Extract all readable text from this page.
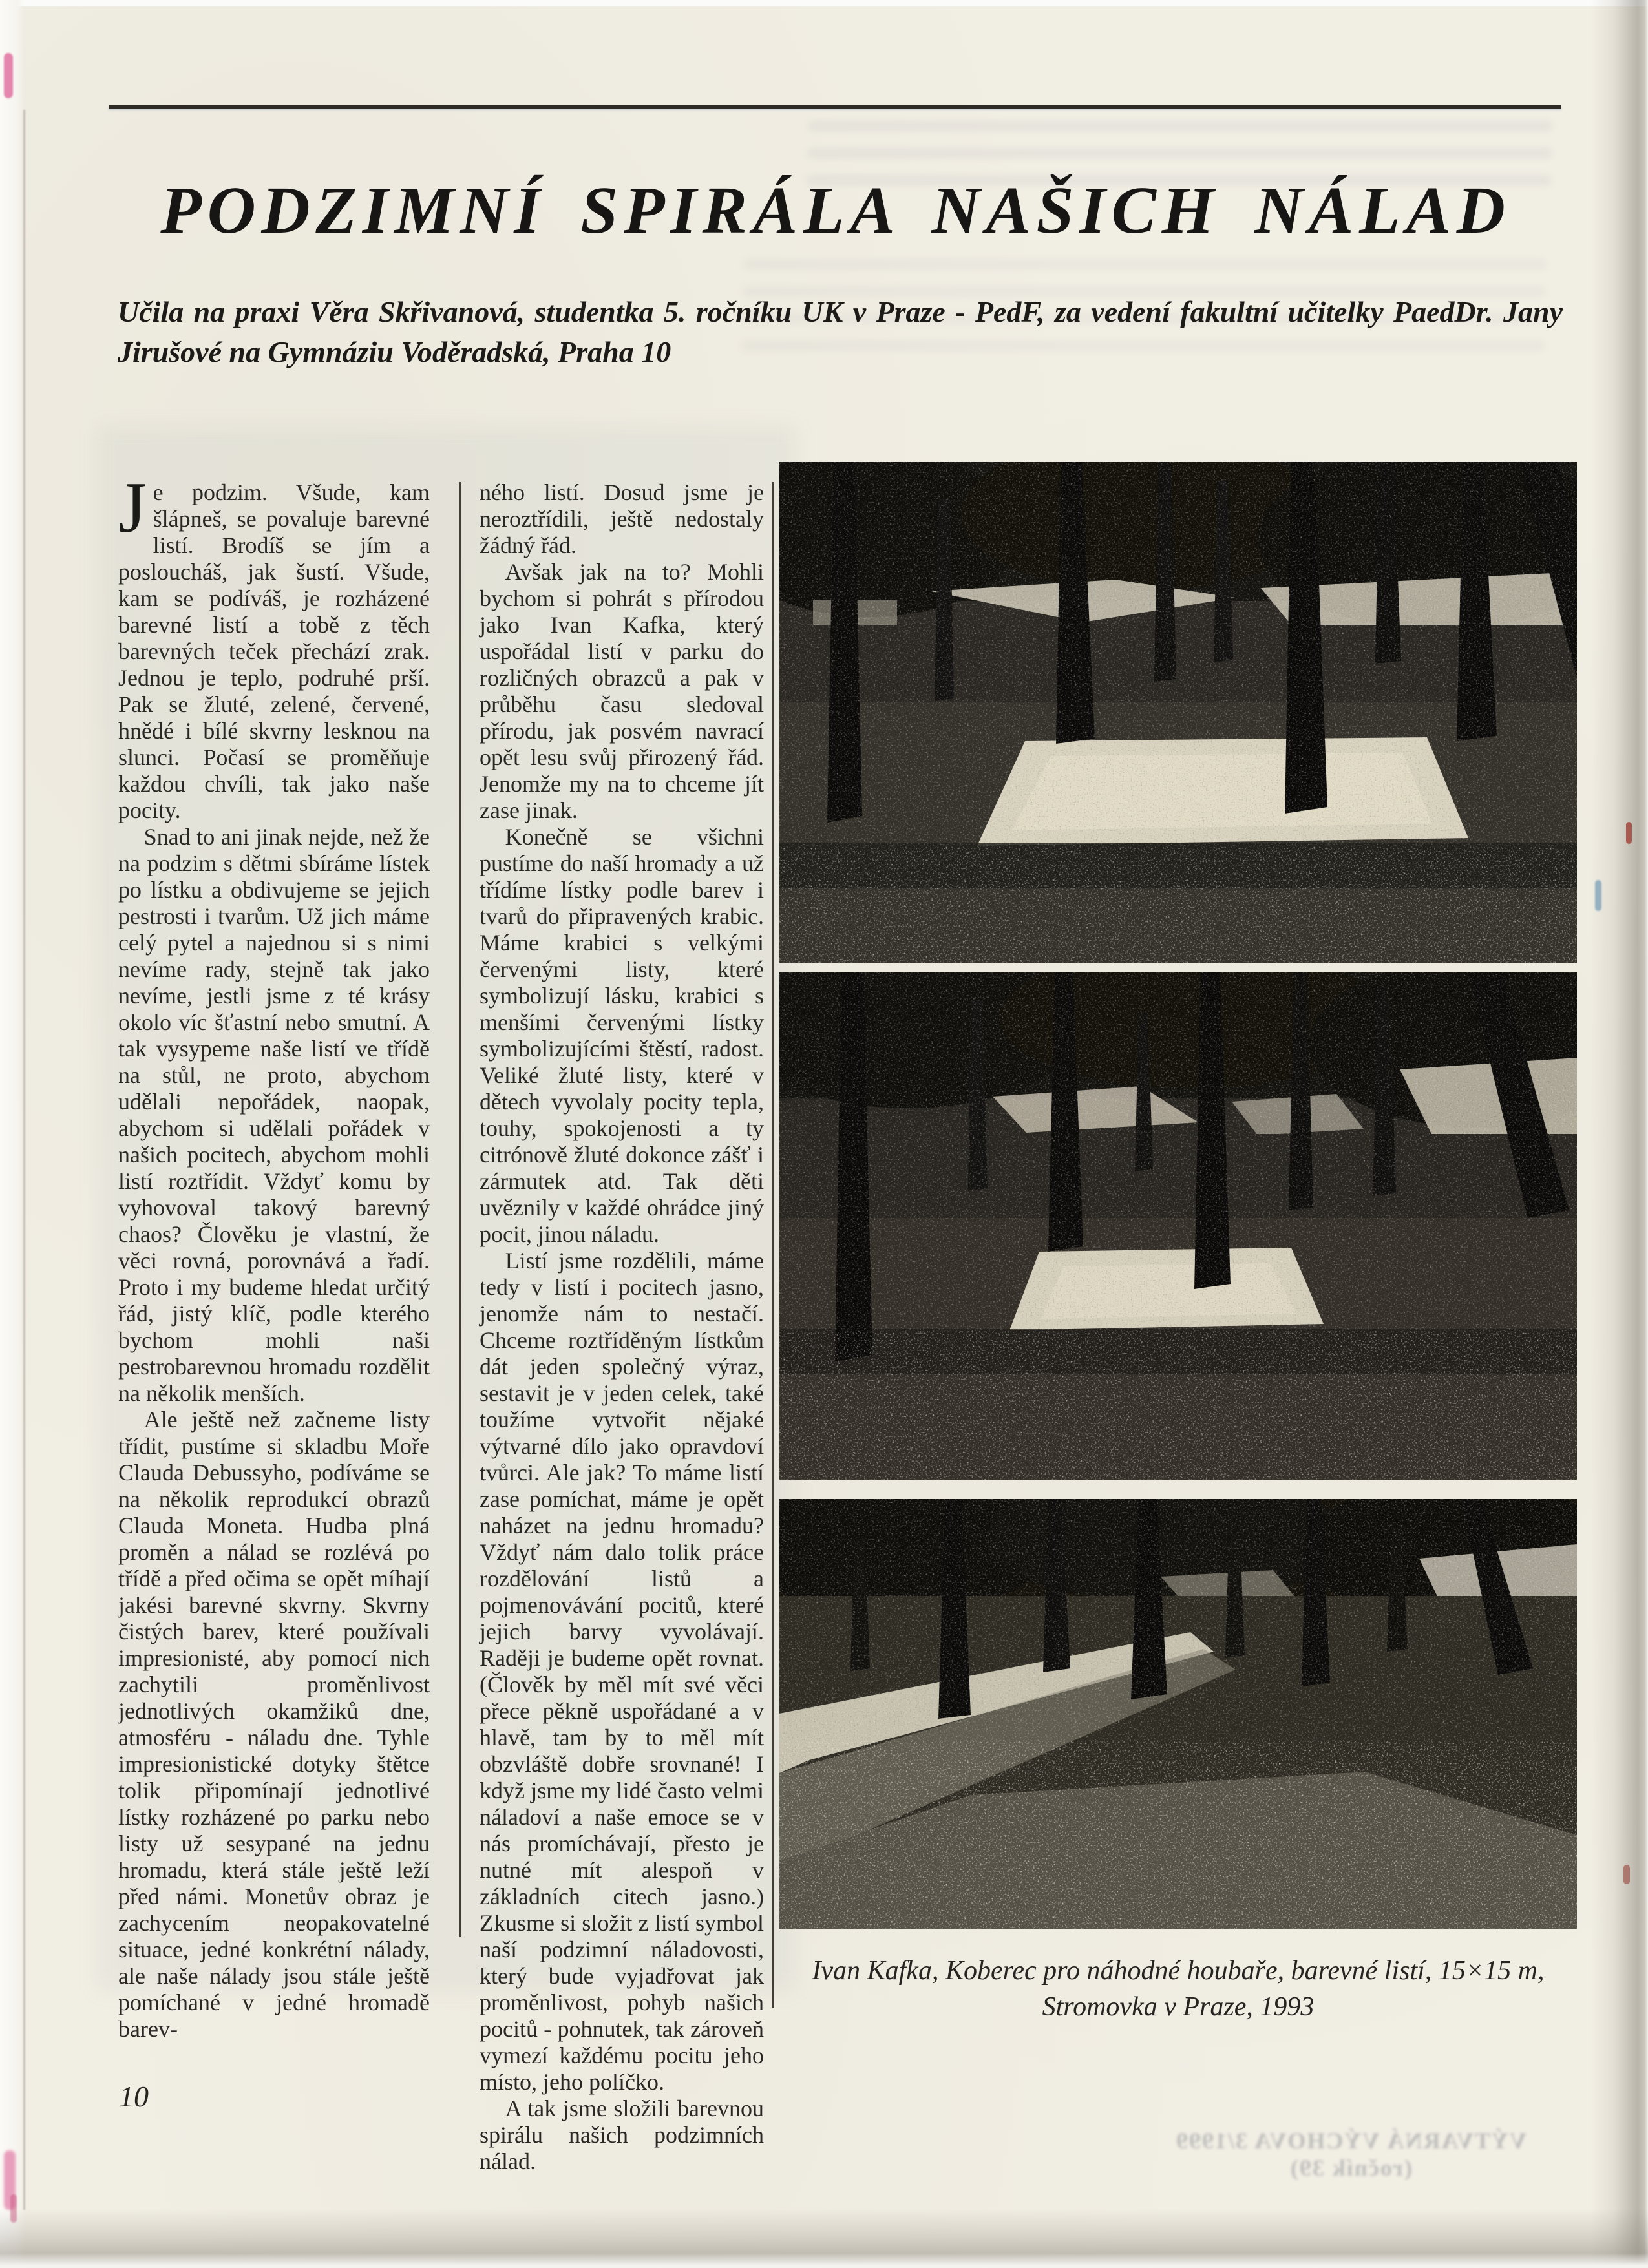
PODZIMNÍ SPIRÁLA NAŠICH NÁLAD
Učila na praxi Věra Skřivanová, studentka 5. ročníku UK v Praze - PedF, za vedení fakultní učitelky PaedDr. Jany Jirušové na Gymnáziu Voděradská, Praha 10

Je podzim. Všude, kam šlápneš, se povaluje barevné listí. Brodíš se jím a posloucháš, jak šustí. Všude, kam se podíváš, je rozházené barevné listí a tobě z těch barevných teček přechází zrak. Jednou je teplo, podruhé prší. Pak se žluté, zelené, červené, hnědé i bílé skvrny lesknou na slunci. Počasí se proměňuje každou chvíli, tak jako naše pocity.

Snad to ani jinak nejde, než že na podzim s dětmi sbíráme lístek po lístku a obdivujeme se jejich pestrosti i tvarům. Už jich máme celý pytel a najednou si s nimi nevíme rady, stejně tak jako nevíme, jestli jsme z té krásy okolo víc šťastní nebo smutní. A tak vysypeme naše listí ve třídě na stůl, ne proto, abychom udělali nepořádek, naopak, abychom si udělali pořádek v našich pocitech, abychom mohli listí roztřídit. Vždyť komu by vyhovoval takový barevný chaos? Člověku je vlastní, že věci rovná, porovnává a řadí. Proto i my budeme hledat určitý řád, jistý klíč, podle kterého bychom mohli naši pestrobarevnou hromadu rozdělit na několik menších.

Ale ještě než začneme listy třídit, pustíme si skladbu Moře Clauda Debussyho, podíváme se na několik reprodukcí obrazů Clauda Moneta. Hudba plná proměn a nálad se rozlévá po třídě a před očima se opět míhají jakési barevné skvrny. Skvrny čistých barev, které používali impresionisté, aby pomocí nich zachytili proměnlivost jednotlivých okamžiků dne, atmosféru - náladu dne. Tyhle impresionistické dotyky štětce tolik připomínají jednotlivé lístky rozházené po parku nebo listy už sesypané na jednu hromadu, která stále ještě leží před námi. Monetův obraz je zachycením neopakovatelné situace, jedné konkrétní nálady, ale naše nálady jsou stále ještě pomíchané v jedné hromadě barev-

ného listí. Dosud jsme je neroztřídili, ještě nedostaly žádný řád.

Avšak jak na to? Mohli bychom si pohrát s přírodou jako Ivan Kafka, který uspořádal listí v parku do rozličných obrazců a pak v průběhu času sledoval přírodu, jak posvém navrací opět lesu svůj přirozený řád. Jenomže my na to chceme jít zase jinak.

Konečně se všichni pustíme do naší hromady a už třídíme lístky podle barev i tvarů do připravených krabic. Máme krabici s velkými červenými listy, které symbolizují lásku, krabici s menšími červenými lístky symbolizujícími štěstí, radost. Veliké žluté listy, které v dětech vyvolaly pocity tepla, touhy, spokojenosti a ty citrónově žluté dokonce zášť i zármutek atd. Tak děti uvěznily v každé ohrádce jiný pocit, jinou náladu.

Listí jsme rozdělili, máme tedy v listí i pocitech jasno, jenomže nám to nestačí. Chceme roztříděným lístkům dát jeden společný výraz, sestavit je v jeden celek, také toužíme vytvořit nějaké výtvarné dílo jako opravdoví tvůrci. Ale jak? To máme listí zase pomíchat, máme je opět naházet na jednu hromadu? Vždyť nám dalo tolik práce rozdělování listů a pojmenovávání pocitů, které jejich barvy vyvolávají. Raději je budeme opět rovnat. (Člověk by měl mít své věci přece pěkně uspořádané a v hlavě, tam by to měl mít obzvláště dobře srovnané! I když jsme my lidé často velmi náladoví a naše emoce se v nás promíchávají, přesto je nutné mít alespoň v základních citech jasno.) Zkusme si složit z listí symbol naší podzimní náladovosti, který bude vyjadřovat jak proměnlivost, pohyb našich pocitů - pohnutek, tak zároveň vymezí každému pocitu jeho místo, jeho políčko.

A tak jsme složili barevnou spirálu našich podzimních nálad.

Ivan Kafka, Koberec pro náhodné houbaře, barevné listí, 15×15 m,
Stromovka v Praze, 1993
10
VÝTVARNÁ VÝCHOVA 3/1999 (ročník 39)
